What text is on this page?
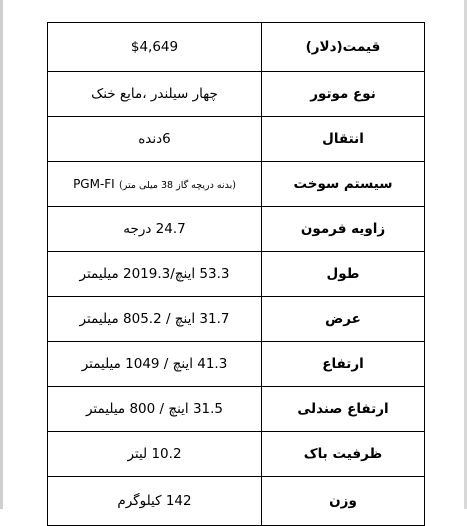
قیمت(دلار)	$4,649
نوع موتور	چهار سیلندر ،مایع خنک
انتقال	6دنده
سیستم سوخت	(بدنه دریچه گاز 38 میلی متر) PGM-FI
زاویه فرمون	24.7 درجه
طول	53.3 اینچ/2019.3 میلیمتر
عرض	31.7 اینچ / 805.2 میلیمتر
ارتفاع	41.3 اینچ / 1049 میلیمتر
ارتفاع صندلی	31.5 اینچ / 800 میلیمتر
ظرفیت باک	10.2 لیتر
وزن	142 کیلوگرم
